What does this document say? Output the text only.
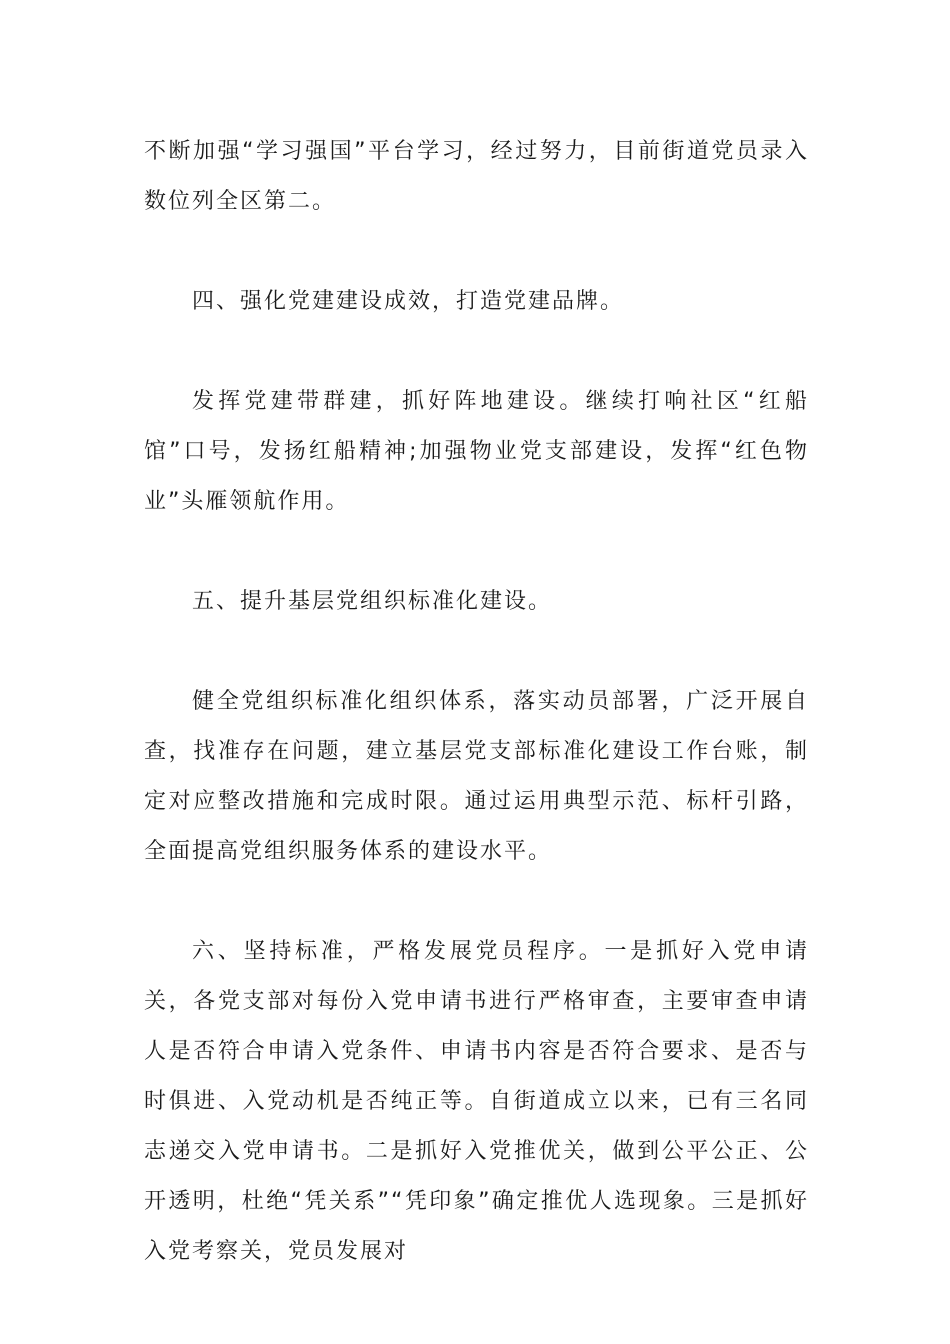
不断加强“学习强国”平台学习，经过努力，目前街道党员录入数位列全区第二。

四、强化党建建设成效，打造党建品牌。

发挥党建带群建，抓好阵地建设。继续打响社区“红船馆”口号，发扬红船精神;加强物业党支部建设，发挥“红色物业”头雁领航作用。

五、提升基层党组织标准化建设。

健全党组织标准化组织体系，落实动员部署，广泛开展自查，找准存在问题，建立基层党支部标准化建设工作台账，制定对应整改措施和完成时限。通过运用典型示范、标杆引路，全面提高党组织服务体系的建设水平。

六、坚持标准，严格发展党员程序。一是抓好入党申请关，各党支部对每份入党申请书进行严格审查，主要审查申请人是否符合申请入党条件、申请书内容是否符合要求、是否与时俱进、入党动机是否纯正等。自街道成立以来，已有三名同志递交入党申请书。二是抓好入党推优关，做到公平公正、公开透明，杜绝“凭关系”“凭印象”确定推优人选现象。三是抓好入党考察关，党员发展对
